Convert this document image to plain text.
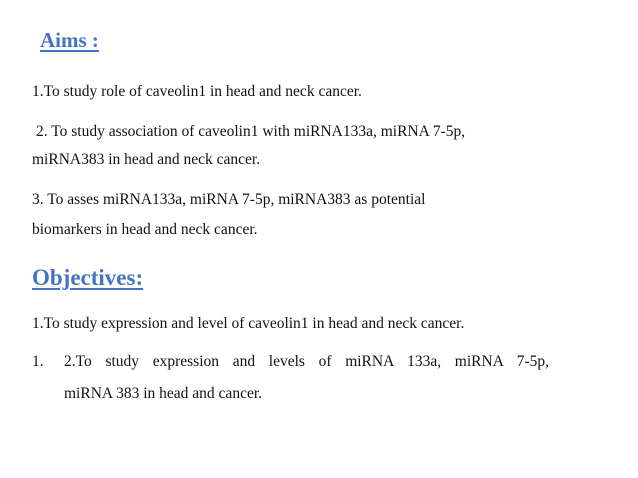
Aims :
1.To study role of caveolin1 in head and neck cancer.
2. To study association of caveolin1 with miRNA133a, miRNA 7-5p,
miRNA383 in head and neck cancer.
3. To asses miRNA133a, miRNA 7-5p, miRNA383 as potential
biomarkers in head and neck cancer.
Objectives:
1.To study expression and level of caveolin1 in head and neck cancer.
1. 2.To study expression and levels of miRNA 133a, miRNA 7-5p,
miRNA 383 in head and cancer.
